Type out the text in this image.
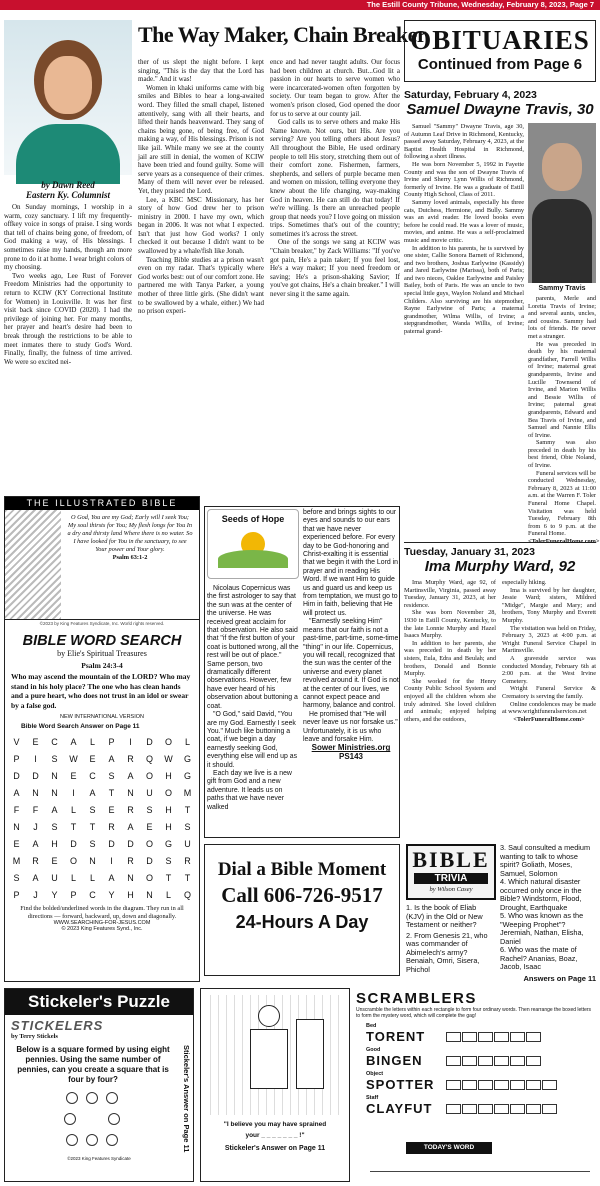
The Estill County Tribune, Wednesday, February 8, 2023, Page 7
by Dawn Reed
Eastern Ky. Columnist

On Sunday mornings, I worship in a warm, cozy sanctuary. I lift my frequently-offkey voice in songs of praise. I sing words that tell of chains being gone, of freedom, of God making a way, of His blessings. I sometimes raise my hands, though am more prone to do it at home. I wear bright colors of my choosing.

Two weeks ago, Lee Rust of Forever Freedom Ministries had the opportunity to return to KCIW (KY Correctional Institute for Women) in Louisville. It was her first visit back since COVID (2020). I had the privilege of joining her. For many months, her prayer and heart's desire had been to break through the restrictions to be able to meet inmates there to study God's Word. Finally, finally, the fulness of time arrived. We were so excited nei-

The Way Maker, Chain Breaker

ther of us slept the night before. I kept singing, "This is the day that the Lord has made." And it was!

Women in khaki uniforms came with big smiles and Bibles to hear a long-awaited word. They filled the small chapel, listened attentively, sang with all their hearts, and lifted their hands heavenward. They sang of chains being gone, of being free, of God making a way, of His blessings. Prison is not like jail. While many we see at the county jail are still in denial, the women of KCIW have been tried and found guilty. Some will serve years as a consequence of their crimes. Many of them will never ever be released. Yet, they praised the Lord.

Lee, a KBC MSC Missionary, has her story of how God drew her to prison ministry in 2000. I have my own, which began in 2006. It was not what I expected. Isn't that just how God works? I only checked it out because I didn't want to be swallowed by a whale/fish like Jonah.

Teaching Bible studies at a prison wasn't even on my radar. That's typically where God works best: out of our comfort zone. He partnered me with Tanya Parker, a young mother of three little girls. (She didn't want to be swallowed by a whale, either.) We had no prison experi-

ence and had never taught adults. Our focus had been children at church. But...God lit a passion in our hearts to serve women who were incarcerated-women often forgotten by society. Our team began to grow. After the women's prison closed, God opened the door for us to serve at our county jail.

God calls us to serve others and make His Name known. Not ours, but His. Are you serving? Are you telling others about Jesus? All throughout the Bible, He used ordinary people to tell His story, stretching them out of their comfort zone. Fishermen, farmers, shepherds, and sellers of purple became men and women on mission, telling everyone they knew about the life changing, way-making God in heaven. He can still do that today! If we're willing. Is there an unreached people group that needs you? I love going on mission trips. Sometimes that's out of the country; sometimes it's across the street.

One of the songs we sang at KCIW was "Chain breaker," by Zack Williams: "If you've got pain, He's a pain taker; If you feel lost, He's a way maker; If you need freedom or saving; He's a prison-shaking Savior; If you've got chains, He's a chain breaker." I will never sing it the same again.

OBITUARIES
Continued from Page 6
Saturday, February 4, 2023
Samuel Dwayne Travis, 30
Sammy Travis

Samuel "Sammy" Dwayne Travis, age 30, of Autumn Leaf Drive in Richmond, Kentucky, passed away Saturday, February 4, 2023, at the Baptist Health Hospital in Richmond, following a short illness.

He was born November 5, 1992 in Fayette County and was the son of Dwayne Travis of Irvine and Sherry Lynn Willis of Richmond, formerly of Irvine. He was a graduate of Estill County High School, Class of 2011.

Sammy loved animals, especially his three cats, Dutchess, Hermione, and Bully. Sammy was an avid reader. He loved books even before he could read. He was a lover of music, movies, and anime. He was a self-proclaimed music and movie critic.

In addition to his parents, he is survived by one sister, Callie Sonora Barnett of Richmond, and two brothers, Joshua Earlywine (Kassidy) and Jared Earlywine (Marissa), both of Paris; and two nieces, Oaklee Earlywine and Paisley Bailey, both of Paris. He was an uncle to two special little guys, Waylon Noland and Michael Childers. Also surviving are his stepmother, Rayne Earlywine of Paris; a maternal grandmother, Wilma Willis, of Irvine; a stepgrandmother, Wanda Willis, of Irvine; paternal grand-

parents, Merle and Loretta Travis of Irvine; and several aunts, uncles, and cousins. Sammy had lots of friends. He never met a stranger.

He was preceded in death by his maternal grandfather, Farrell Willis of Irvine; maternal great grandparents, Irvine and Lucille Townsend of Irvine, and Marion Willis and Bessie Willis of Irvine; paternal great grandparents, Edward and Bea Travis of Irvine, and Samuel and Nannie Ellis of Irvine.

Sammy was also preceded in death by his best friend, Obie Noland, of Irvine.

Funeral services will be conducted Wednesday, February 8, 2023 at 11:00 a.m. at the Warren F. Toler Funeral Home Chapel. Visitation was held Tuesday, February 8th from 6 to 9 p.m. at the Funeral Home.

<TolerFuneralHome.com>

Tuesday, January 31, 2023
Ima Murphy Ward, 92

Ima Murphy Ward, age 92, of Martinsville, Virginia, passed away Tuesday, January 31, 2023, at her residence.

She was born November 28, 1930 in Estill County, Kentucky, to the late Lonnie Murphy and Hazel Isaacs Murphy.

In addition to her parents, she was preceded in death by her sisters, Eula, Edra and Beulah; and brothers, Donald and Bonnie Murphy.

She worked for the Henry County Public School System and enjoyed all the children whom she truly admired. She loved children and animals; enjoyed helping others, and the outdoors,

especially hiking.

Ima is survived by her daughter, Jessie Ward; sisters, Mildred "Midge", Margie and Mary; and brothers, Tony Murphy and Everett Murphy.

The visitation was held on Friday, February 3, 2023 at 4:00 p.m. at Wright Funeral Service Chapel in Martinsville.

A graveside service was conducted Monday, February 6th at 2:00 p.m. at the West Irvine Cemetery.

Wright Funeral Service & Crematory is serving the family.

Online condolences may be made at www.wrightfuneralservices.net

<TolerFuneralHome.com>

THE ILLUSTRATED BIBLE
O God, You are my God; Early will I seek You; My soul thirsts for You; My flesh longs for You In a dry and thirsty land Where there is no water. So I have looked for You in the sanctuary, to see Your power and Your glory.
Psalm 63:1-2
©2023 by King Features Syndicate, Inc. World rights reserved.
BIBLE WORD SEARCH
by Elie's Spiritual Treasures
Psalm 24:3-4
Who may ascend the mountain of the LORD? Who may stand in his holy place? The one who has clean hands and a pure heart, who does not trust in an idol or swear by a false god.
NEW INTERNATIONAL VERSION
Bible Word Search Answer on Page 11
V	E	C	A	L	P	I	D	O	L
P	I	S	W	E	A	R	Q	W	G
D	D	N	E	C	S	A	O	H	G
A	N	N	I	A	T	N	U	O	M
F	F	A	L	S	E	R	S	H	T
N	J	S	T	T	R	A	E	H	S
E	A	H	D	S	D	D	O	G	U
M	R	E	O	N	I	R	D	S	R
S	A	U	L	L	A	N	O	T	T
P	J	Y	P	C	Y	H	N	L	Q
Find the bolded/underlined words in the diagram. They run in all directions — forward, backward, up, down and diagonally.
WWW.SEARCHING-FOR-JESUS.COM
© 2023 King Features Synd., Inc.
Seeds of Hope

Nicolaus Copernicus was the first astrologer to say that the sun was at the center of the universe. He was received great acclaim for that observation. He also said that "if the first button of your coat is buttoned wrong, all the rest will be out of place." Same person, two dramatically different observations. However, few have ever heard of his observation about buttoning a coat.

"O God," said David, "You are my God. Earnestly I seek You." Much like buttoning a coat, if we begin a day earnestly seeking God, everything else will end up as it should.

Each day we live is a new gift from God and a new adventure. It leads us on paths that we have never walked

before and brings sights to our eyes and sounds to our ears that we have never experienced before. For every day to be God-honoring and Christ-exalting it is essential that we begin it with the Lord in prayer and in reading His Word. If we want Him to guide us and guard us and keep us from temptation, we must go to Him in faith, believing that He will protect us.

"Earnestly seeking Him" means that our faith is not a past-time, part-time, some-time "thing" in our life. Copernicus, you will recall, recognized that the sun was the center of the universe and every planet revolved around it. If God is not at the center of our lives, we cannot expect peace and harmony, balance and control.

He promised that "He will never leave us nor forsake us." Unfortunately, it is us who leave and forsake Him.

Sower Ministries.org

PS143

Dial a Bible Moment
Call 606-726-9517
24-Hours A Day
BIBLE
TRIVIA
by Wilson Casey

1. Is the book of Eliab (KJV) in the Old or New Testament or neither?

2. From Genesis 21, who was commander of Abimelech's army? Benaiah, Omri, Sisera, Phichol

3. Saul consulted a medium wanting to talk to whose spirit? Goliath, Moses, Samuel, Solomon

4. Which natural disaster occurred only once in the Bible? Windstorm, Flood, Drought, Earthquake

5. Who was known as the "Weeping Prophet"? Jeremiah, Nathan, Elisha, Daniel

6. Who was the mate of Rachel? Ananias, Boaz, Jacob, Isaac

Answers on Page 11
Stickeler's Puzzle
STICKELERS
by Terry Stickels
Below is a square formed by using eight pennies. Using the same number of pennies, can you create a square that is four by four?
©2023 King Features Syndicate
Stickeler's Answer on Page 11	"I believe you may have sprained
your _ _ _ _ _ _ _ !"
Stickeler's Answer on Page 11
SCRAMBLERS
Unscramble the letters within each rectangle to form four ordinary words. Then rearrange the boxed letters to form the mystery word, which will complete the gag!
Bed
TORENT
Good
BINGEN
Object
SPOTTER
Staff
CLAYFUT
TODAY'S WORD
